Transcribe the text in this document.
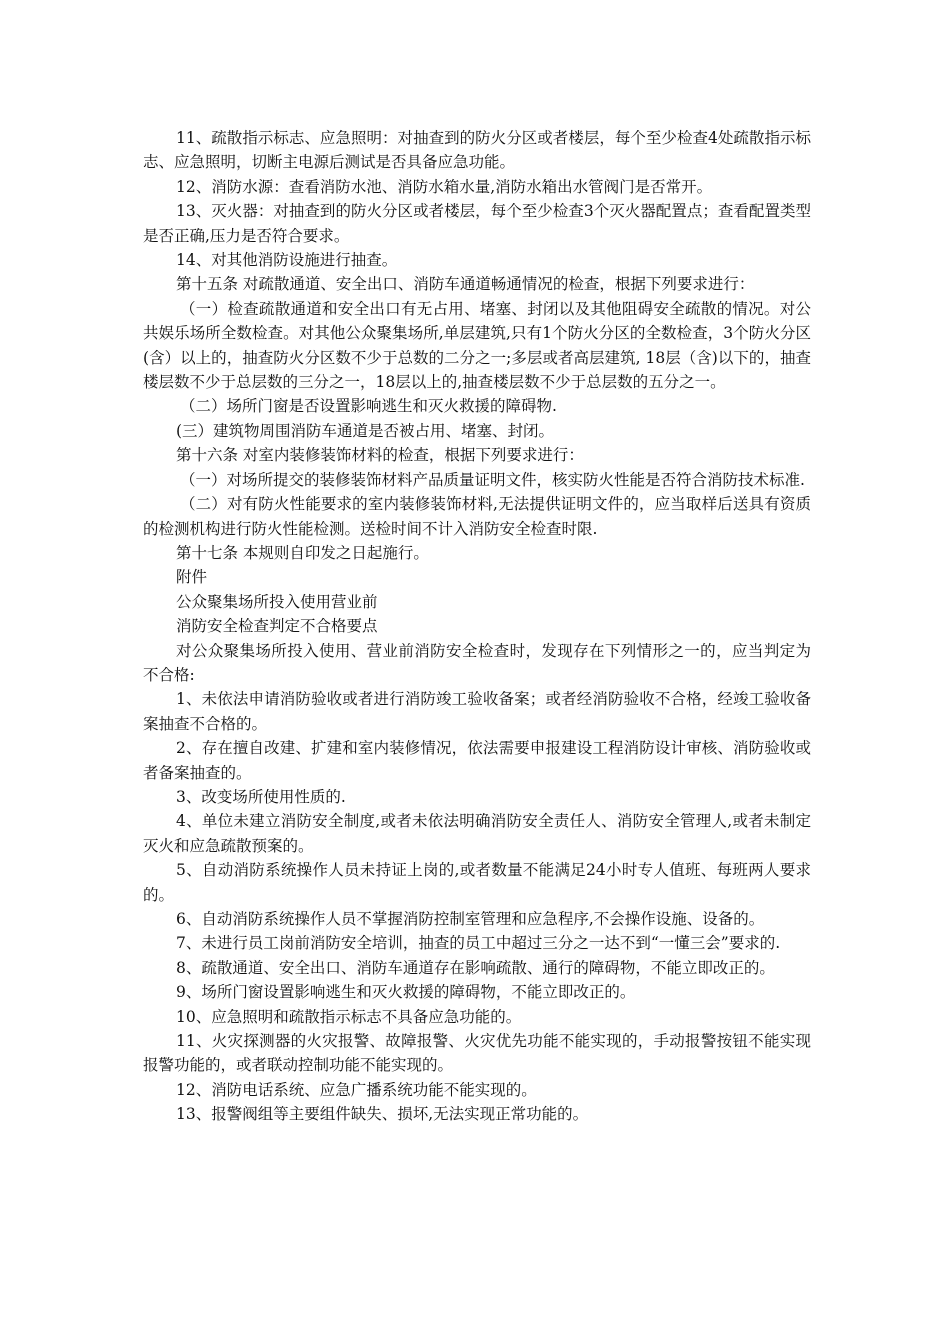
11、疏散指示标志、应急照明：对抽查到的防火分区或者楼层，每个至少检查4处疏散指示标志、应急照明，切断主电源后测试是否具备应急功能。

12、消防水源：查看消防水池、消防水箱水量,消防水箱出水管阀门是否常开。

13、灭火器：对抽查到的防火分区或者楼层，每个至少检查3个灭火器配置点；查看配置类型是否正确,压力是否符合要求。

14、对其他消防设施进行抽查。

第十五条 对疏散通道、安全出口、消防车通道畅通情况的检查，根据下列要求进行：

（一）检查疏散通道和安全出口有无占用、堵塞、封闭以及其他阻碍安全疏散的情况。对公共娱乐场所全数检查。对其他公众聚集场所,单层建筑,只有1个防火分区的全数检查，3个防火分区(含）以上的，抽查防火分区数不少于总数的二分之一;多层或者高层建筑, 18层（含)以下的，抽查楼层数不少于总层数的三分之一，18层以上的,抽查楼层数不少于总层数的五分之一。

（二）场所门窗是否设置影响逃生和灭火救援的障碍物.

(三）建筑物周围消防车通道是否被占用、堵塞、封闭。

第十六条 对室内装修装饰材料的检查，根据下列要求进行：

（一）对场所提交的装修装饰材料产品质量证明文件，核实防火性能是否符合消防技术标准.

（二）对有防火性能要求的室内装修装饰材料,无法提供证明文件的，应当取样后送具有资质的检测机构进行防火性能检测。送检时间不计入消防安全检查时限.

第十七条 本规则自印发之日起施行。

附件

公众聚集场所投入使用营业前

消防安全检查判定不合格要点

对公众聚集场所投入使用、营业前消防安全检查时，发现存在下列情形之一的，应当判定为不合格:

1、未依法申请消防验收或者进行消防竣工验收备案；或者经消防验收不合格，经竣工验收备案抽查不合格的。

2、存在擅自改建、扩建和室内装修情况，依法需要申报建设工程消防设计审核、消防验收或者备案抽查的。

3、改变场所使用性质的.

4、单位未建立消防安全制度,或者未依法明确消防安全责任人、消防安全管理人,或者未制定灭火和应急疏散预案的。

5、自动消防系统操作人员未持证上岗的,或者数量不能满足24小时专人值班、每班两人要求的。

6、自动消防系统操作人员不掌握消防控制室管理和应急程序,不会操作设施、设备的。

7、未进行员工岗前消防安全培训，抽查的员工中超过三分之一达不到“一懂三会”要求的.

8、疏散通道、安全出口、消防车通道存在影响疏散、通行的障碍物，不能立即改正的。

9、场所门窗设置影响逃生和灭火救援的障碍物，不能立即改正的。

10、应急照明和疏散指示标志不具备应急功能的。

11、火灾探测器的火灾报警、故障报警、火灾优先功能不能实现的，手动报警按钮不能实现报警功能的，或者联动控制功能不能实现的。

12、消防电话系统、应急广播系统功能不能实现的。

13、报警阀组等主要组件缺失、损坏,无法实现正常功能的。
